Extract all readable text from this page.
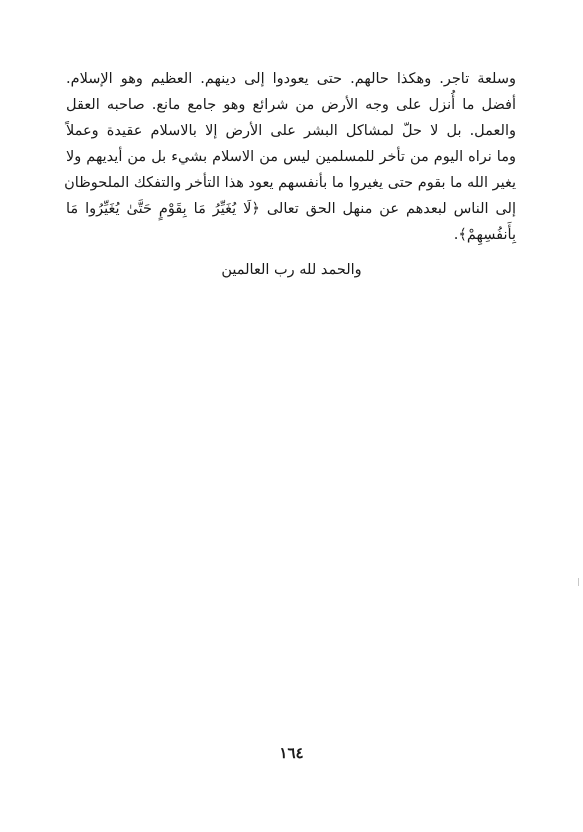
وسلعة تاجر. وهكذا حالهم. حتى يعودوا إلى دينهم. العظيم وهو الإسلام.
أفضل ما أُنزل على وجه الأرض من شرائع وهو جامع مانع. صاحبه العقل
والعمل. بل لا حلّ لمشاكل البشر على الأرض إلا بالاسلام عقيدة وعملاً
وما نراه اليوم من تأخر للمسلمين ليس من الاسلام بشيء بل من أيديهم ولا
يغير الله ما بقوم حتى يغيروا ما بأنفسهم يعود هذا التأخر والتفكك الملحوظان
إلى الناس لبعدهم عن منهل الحق تعالى ﴿لَا يُغَيِّرُ مَا بِقَوْمٍ حَتَّىٰ يُغَيِّرُوا مَا
بِأَنفُسِهِمْ﴾.
والحمد لله رب العالمين
١٦٤
